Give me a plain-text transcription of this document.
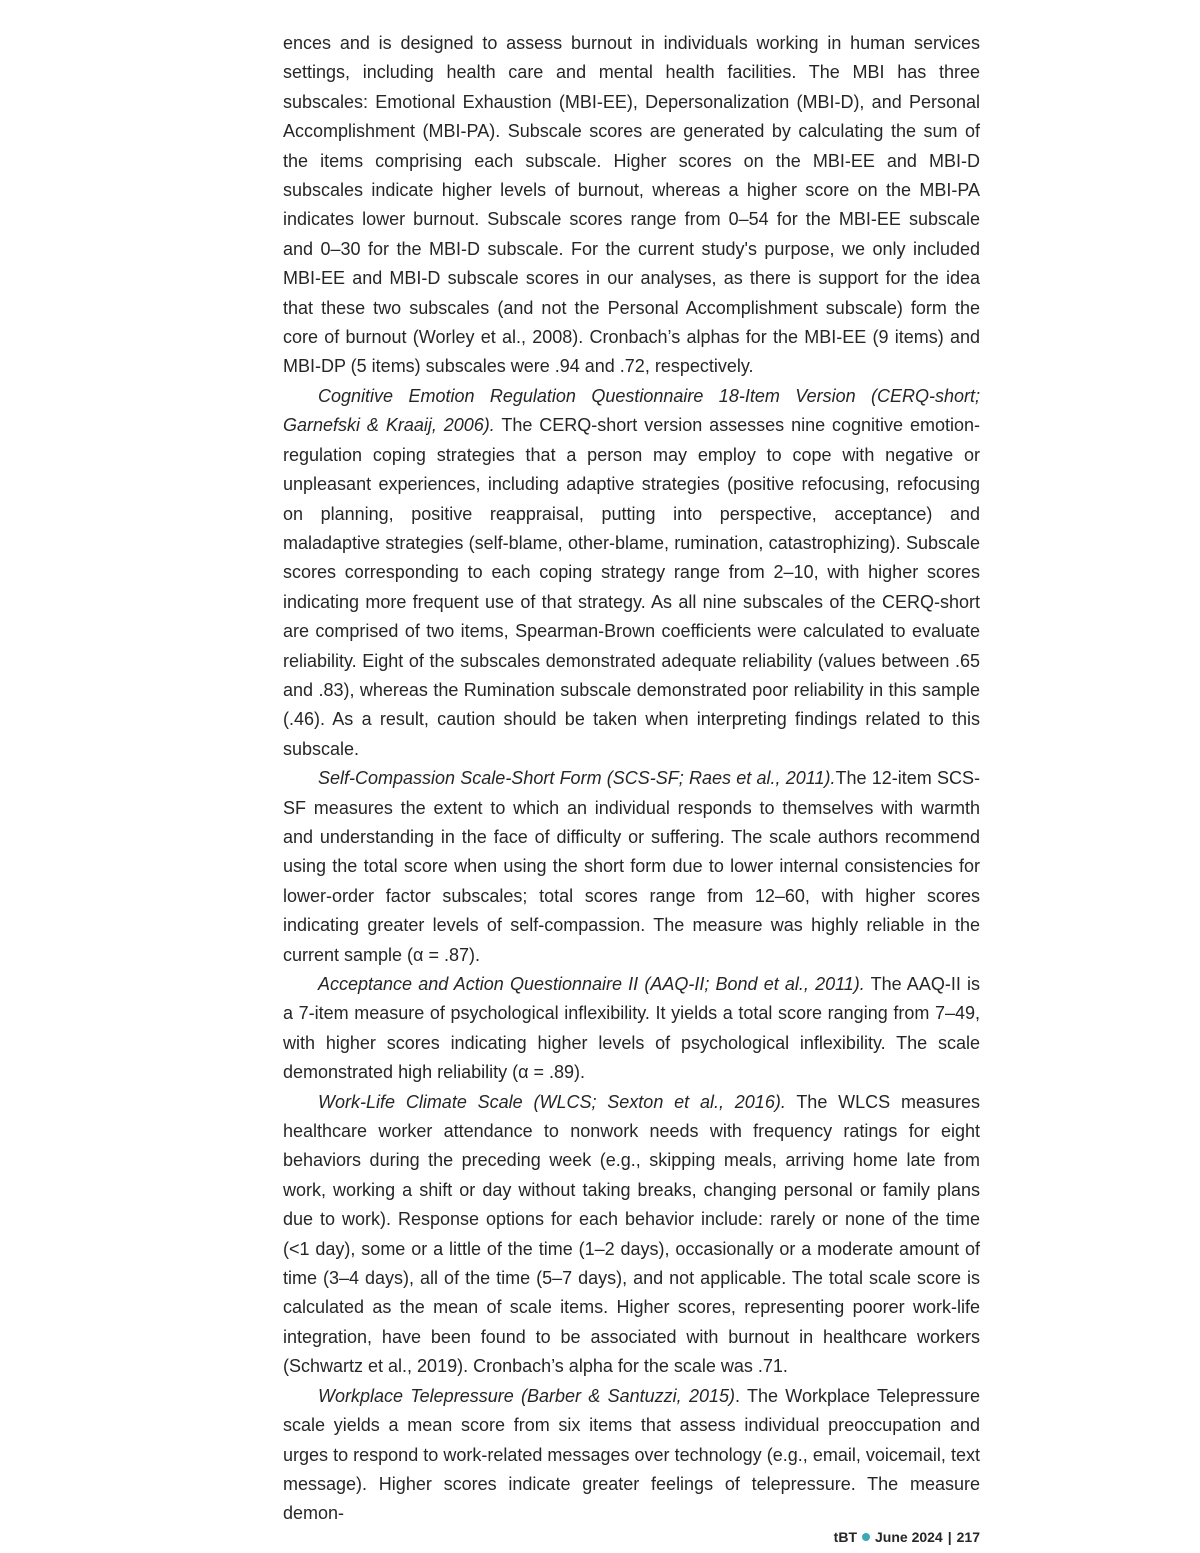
ences and is designed to assess burnout in individuals working in human services settings, including health care and mental health facilities. The MBI has three subscales: Emotional Exhaustion (MBI-EE), Depersonalization (MBI-D), and Personal Accomplishment (MBI-PA). Subscale scores are generated by calculating the sum of the items comprising each subscale. Higher scores on the MBI-EE and MBI-D subscales indicate higher levels of burnout, whereas a higher score on the MBI-PA indicates lower burnout. Subscale scores range from 0–54 for the MBI-EE subscale and 0–30 for the MBI-D subscale. For the current study's purpose, we only included MBI-EE and MBI-D subscale scores in our analyses, as there is support for the idea that these two subscales (and not the Personal Accomplishment subscale) form the core of burnout (Worley et al., 2008). Cronbach’s alphas for the MBI-EE (9 items) and MBI-DP (5 items) subscales were .94 and .72, respectively.

Cognitive Emotion Regulation Questionnaire 18-Item Version (CERQ-short; Garnefski & Kraaij, 2006). The CERQ-short version assesses nine cognitive emotion-regulation coping strategies that a person may employ to cope with negative or unpleasant experiences, including adaptive strategies (positive refocusing, refocusing on planning, positive reappraisal, putting into perspective, acceptance) and maladaptive strategies (self-blame, other-blame, rumination, catastrophizing). Subscale scores corresponding to each coping strategy range from 2–10, with higher scores indicating more frequent use of that strategy. As all nine subscales of the CERQ-short are comprised of two items, Spearman-Brown coefficients were calculated to evaluate reliability. Eight of the subscales demonstrated adequate reliability (values between .65 and .83), whereas the Rumination subscale demonstrated poor reliability in this sample (.46). As a result, caution should be taken when interpreting findings related to this subscale.

Self-Compassion Scale-Short Form (SCS-SF; Raes et al., 2011).The 12-item SCS-SF measures the extent to which an individual responds to themselves with warmth and understanding in the face of difficulty or suffering. The scale authors recommend using the total score when using the short form due to lower internal consistencies for lower-order factor subscales; total scores range from 12–60, with higher scores indicating greater levels of self-compassion. The measure was highly reliable in the current sample (α = .87).

Acceptance and Action Questionnaire II (AAQ-II; Bond et al., 2011). The AAQ-II is a 7-item measure of psychological inflexibility. It yields a total score ranging from 7–49, with higher scores indicating higher levels of psychological inflexibility. The scale demonstrated high reliability (α = .89).

Work-Life Climate Scale (WLCS; Sexton et al., 2016). The WLCS measures healthcare worker attendance to nonwork needs with frequency ratings for eight behaviors during the preceding week (e.g., skipping meals, arriving home late from work, working a shift or day without taking breaks, changing personal or family plans due to work). Response options for each behavior include: rarely or none of the time (<1 day), some or a little of the time (1–2 days), occasionally or a moderate amount of time (3–4 days), all of the time (5–7 days), and not applicable. The total scale score is calculated as the mean of scale items. Higher scores, representing poorer work-life integration, have been found to be associated with burnout in healthcare workers (Schwartz et al., 2019). Cronbach’s alpha for the scale was .71.

Workplace Telepressure (Barber & Santuzzi, 2015). The Workplace Telepressure scale yields a mean score from six items that assess individual preoccupation and urges to respond to work-related messages over technology (e.g., email, voicemail, text message). Higher scores indicate greater feelings of telepressure. The measure demon-

tBT June 2024 | 217
